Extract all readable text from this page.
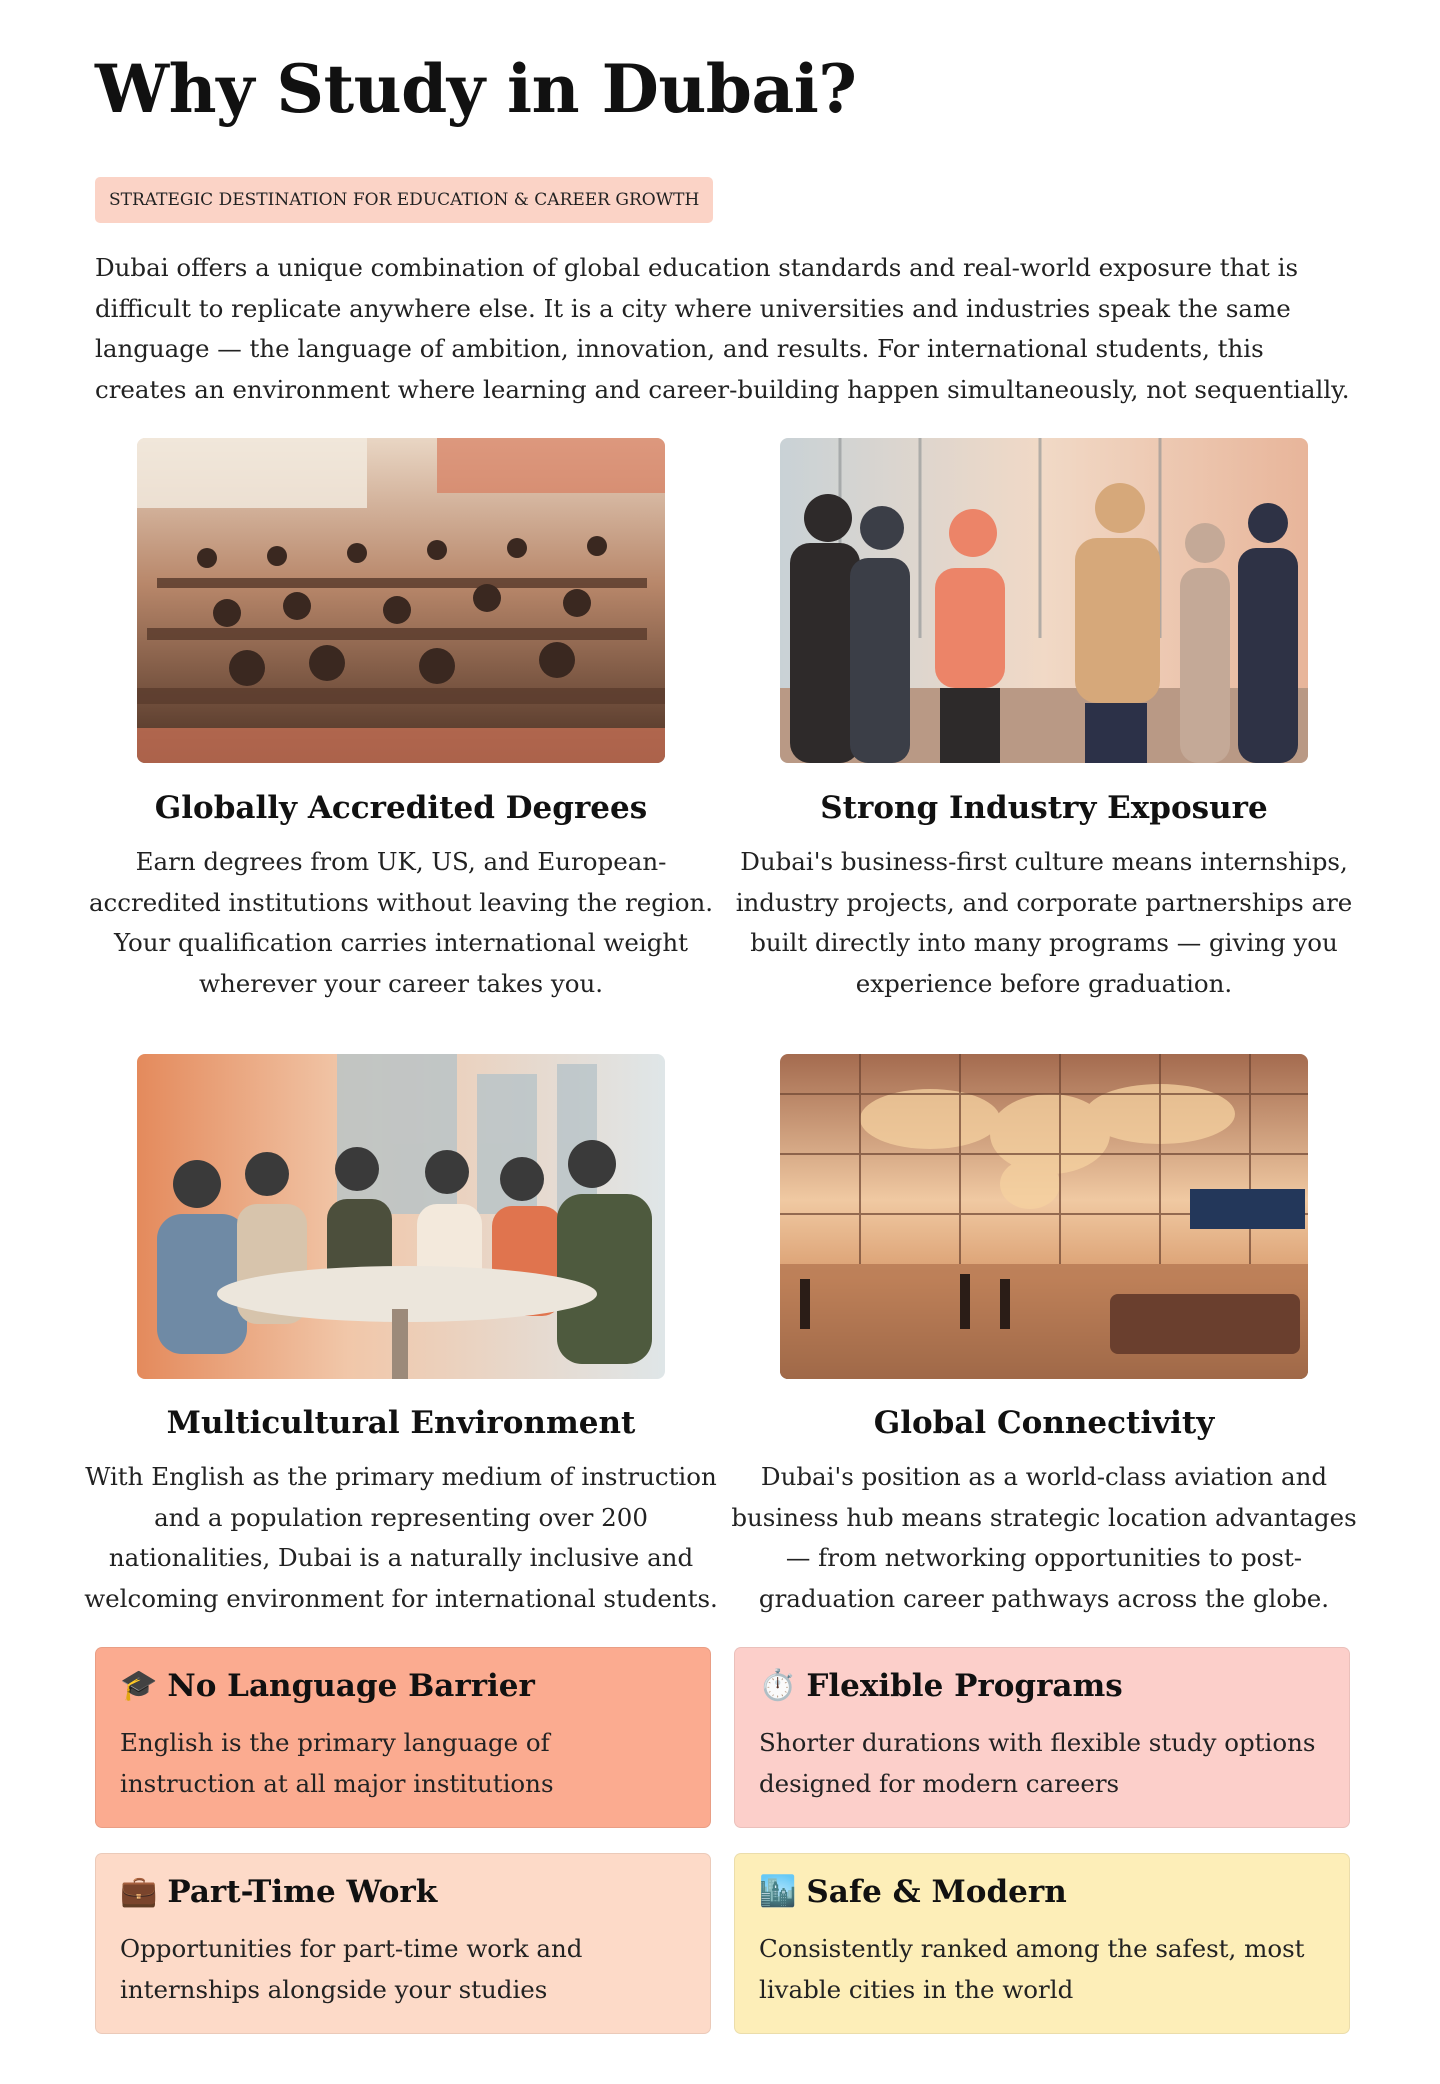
Why Study in Dubai?
STRATEGIC DESTINATION FOR EDUCATION & CAREER GROWTH

Dubai offers a unique combination of global education standards and real-world exposure that is difficult to replicate anywhere else. It is a city where universities and industries speak the same language — the language of ambition, innovation, and results. For international students, this creates an environment where learning and career-building happen simultaneously, not sequentially.

Globally Accredited Degrees
Earn degrees from UK, US, and European-accredited institutions without leaving the region. Your qualification carries international weight wherever your career takes you.
Strong Industry Exposure
Dubai's business-first culture means internships, industry projects, and corporate partnerships are built directly into many programs — giving you experience before graduation.
Multicultural Environment
With English as the primary medium of instruction and a population representing over 200 nationalities, Dubai is a naturally inclusive and welcoming environment for international students.
Global Connectivity
Dubai's position as a world-class aviation and business hub means strategic location advantages — from networking opportunities to post-graduation career pathways across the globe.
🎓 No Language Barrier
English is the primary language of instruction at all major institutions
⏱️ Flexible Programs
Shorter durations with flexible study options designed for modern careers
💼 Part-Time Work
Opportunities for part-time work and internships alongside your studies
🏙️ Safe & Modern
Consistently ranked among the safest, most livable cities in the world
